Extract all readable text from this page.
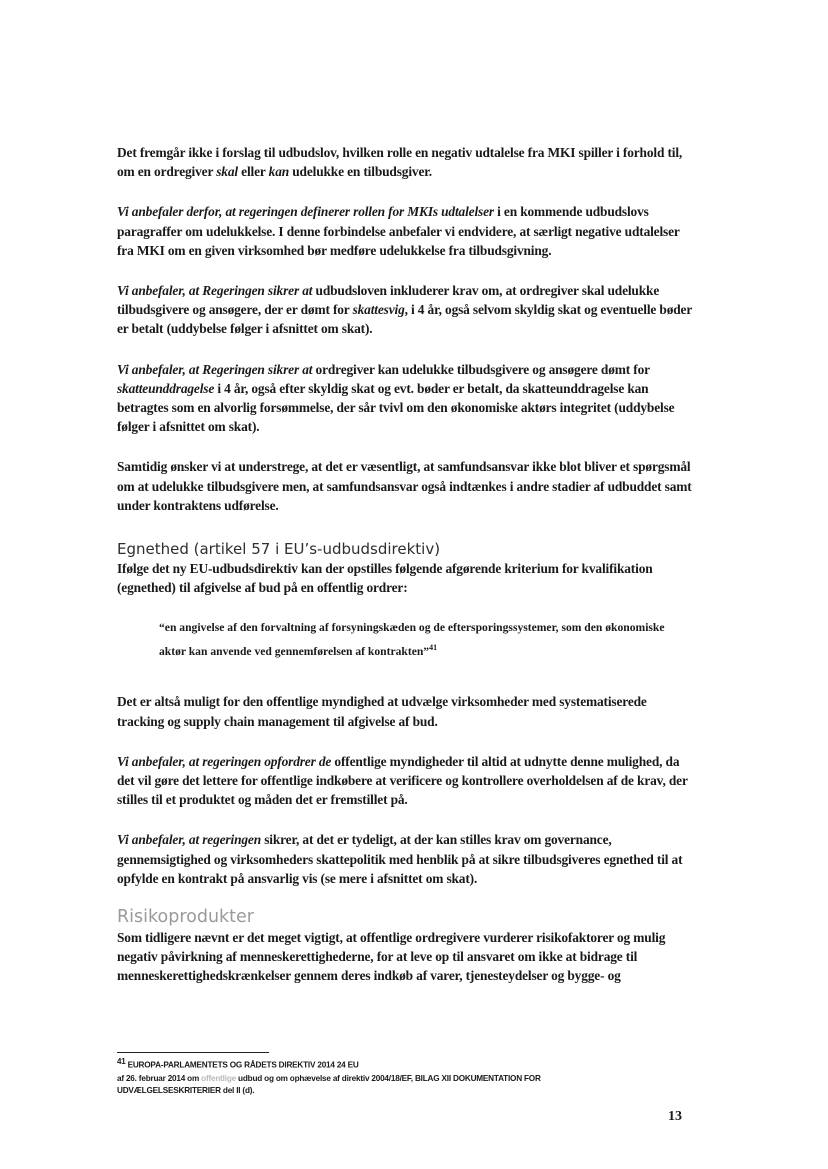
Det fremgår ikke i forslag til udbudslov, hvilken rolle en negativ udtalelse fra MKI spiller i forhold til, om en ordregiver skal eller kan udelukke en tilbudsgiver.

Vi anbefaler derfor, at regeringen definerer rollen for MKIs udtalelser i en kommende udbudslovs paragraffer om udelukkelse. I denne forbindelse anbefaler vi endvidere, at særligt negative udtalelser fra MKI om en given virksomhed bør medføre udelukkelse fra tilbudsgivning.

Vi anbefaler, at Regeringen sikrer at udbudsloven inkluderer krav om, at ordregiver skal udelukke tilbudsgivere og ansøgere, der er dømt for skattesvig, i 4 år, også selvom skyldig skat og eventuelle bøder er betalt (uddybelse følger i afsnittet om skat).

Vi anbefaler, at Regeringen sikrer at ordregiver kan udelukke tilbudsgivere og ansøgere dømt for skatteunddragelse i 4 år, også efter skyldig skat og evt. bøder er betalt, da skatteunddragelse kan betragtes som en alvorlig forsømmelse, der sår tvivl om den økonomiske aktørs integritet (uddybelse følger i afsnittet om skat).

Samtidig ønsker vi at understrege, at det er væsentligt, at samfundsansvar ikke blot bliver et spørgsmål om at udelukke tilbudsgivere men, at samfundsansvar også indtænkes i andre stadier af udbuddet samt under kontraktens udførelse.

Egnethed (artikel 57 i EU’s-udbudsdirektiv)

Ifølge det ny EU-udbudsdirektiv kan der opstilles følgende afgørende kriterium for kvalifikation (egnethed) til afgivelse af bud på en offentlig ordrer:

“en angivelse af den forvaltning af forsyningskæden og de eftersporingssystemer, som den økonomiske aktør kan anvende ved gennemførelsen af kontrakten”$^{41}$

Det er altså muligt for den offentlige myndighed at udvælge virksomheder med systematiserede tracking og supply chain management til afgivelse af bud.

Vi anbefaler, at regeringen opfordrer de offentlige myndigheder til altid at udnytte denne mulighed, da det vil gøre det lettere for offentlige indkøbere at verificere og kontrollere overholdelsen af de krav, der stilles til et produktet og måden det er fremstillet på.

Vi anbefaler, at regeringen sikrer, at det er tydeligt, at der kan stilles krav om governance, gennemsigtighed og virksomheders skattepolitik med henblik på at sikre tilbudsgiveres egnethed til at opfylde en kontrakt på ansvarlig vis (se mere i afsnittet om skat).

Risikoprodukter

Som tidligere nævnt er det meget vigtigt, at offentlige ordregivere vurderer risikofaktorer og mulig negativ påvirkning af menneskerettighederne, for at leve op til ansvaret om ikke at bidrage til menneskerettighedskrænkelser gennem deres indkøb af varer, tjenesteydelser og bygge- og

$^{41}$ EUROPA-PARLAMENTETS OG RÅDETS DIREKTIV 2014 24 EU
af 26. februar 2014 om offentlige udbud og om ophævelse af direktiv 2004/18/EF, BILAG XII DOKUMENTATION FOR
UDVÆLGELSESKRITERIER del II (d).
13
